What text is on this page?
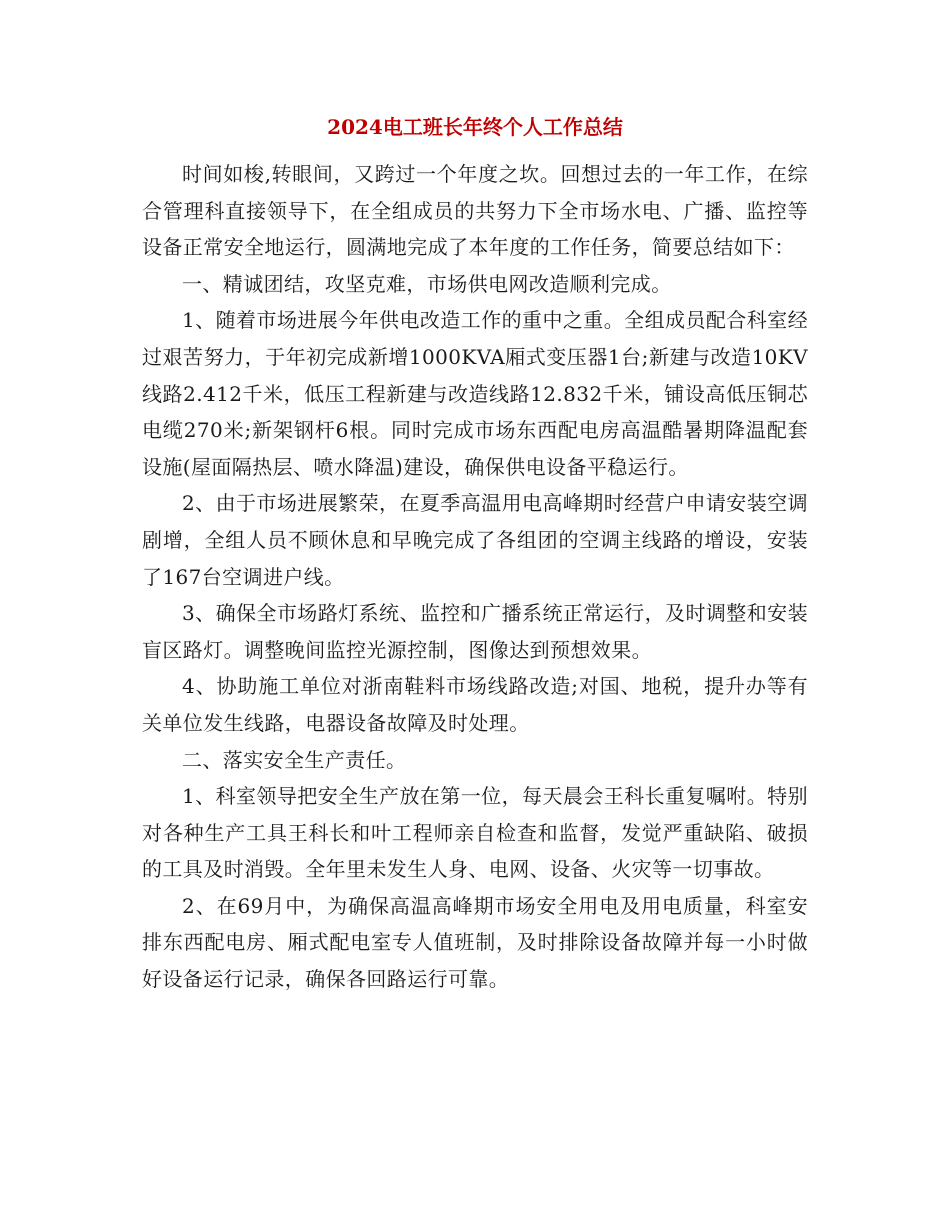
2024电工班长年终个人工作总结

时间如梭,转眼间，又跨过一个年度之坎。回想过去的一年工作，在综合管理科直接领导下，在全组成员的共努力下全市场水电、广播、监控等设备正常安全地运行，圆满地完成了本年度的工作任务，简要总结如下：

一、精诚团结，攻坚克难，市场供电网改造顺利完成。

1、随着市场进展今年供电改造工作的重中之重。全组成员配合科室经过艰苦努力，于年初完成新增1000KVA厢式变压器1台;新建与改造10KV线路2.412千米，低压工程新建与改造线路12.832千米，铺设高低压铜芯电缆270米;新架钢杆6根。同时完成市场东西配电房高温酷暑期降温配套设施(屋面隔热层、喷水降温)建设，确保供电设备平稳运行。

2、由于市场进展繁荣，在夏季高温用电高峰期时经营户申请安装空调剧增，全组人员不顾休息和早晚完成了各组团的空调主线路的增设，安装了167台空调进户线。

3、确保全市场路灯系统、监控和广播系统正常运行，及时调整和安装盲区路灯。调整晚间监控光源控制，图像达到预想效果。

4、协助施工单位对浙南鞋料市场线路改造;对国、地税，提升办等有关单位发生线路，电器设备故障及时处理。

二、落实安全生产责任。

1、科室领导把安全生产放在第一位，每天晨会王科长重复嘱咐。特别对各种生产工具王科长和叶工程师亲自检查和监督，发觉严重缺陷、破损的工具及时消毁。全年里未发生人身、电网、设备、火灾等一切事故。

2、在69月中，为确保高温高峰期市场安全用电及用电质量，科室安排东西配电房、厢式配电室专人值班制，及时排除设备故障并每一小时做好设备运行记录，确保各回路运行可靠。
